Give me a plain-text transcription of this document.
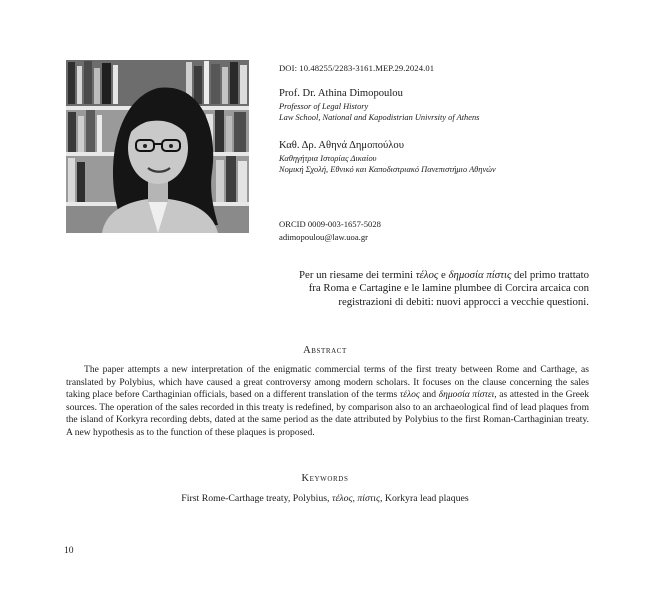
DOI: 10.48255/2283-3161.MEP.29.2024.01
Prof. Dr. Athina Dimopoulou
Professor of Legal History
Law School, National and Kapodistrian Univrsity of Athens
Καθ. Δρ. Αθηνά Δημοπούλου
Καθηγήτρια Ιστορίας Δικαίου
Νομική Σχολή, Εθνικό και Καποδιστριακό Πανεπιστήμιο Αθηνών
ORCID 0009-003-1657-5028
adimopoulou@law.uoa.gr
Per un riesame dei termini τέλος e δημοσία πίστις del primo trattato
fra Roma e Cartagine e le lamine plumbee di Corcira arcaica con
registrazioni di debiti: nuovi approcci a vecchie questioni.
Abstract
The paper attempts a new interpretation of the enigmatic commercial terms of the first treaty between Rome and Carthage, as translated by Polybius, which have caused a great controversy among modern scholars. It focuses on the clause concerning the sales taking place before Carthaginian officials, based on a different translation of the terms τέλος and δημοσία πίστει, as attested in the Greek sources. The operation of the sales recorded in this treaty is redefined, by comparison also to an archaeological find of lead plaques from the island of Korkyra recording debts, dated at the same period as the date attributed by Polybius to the first Roman-Carthaginian treaty. A new hypothesis as to the function of these plaques is proposed.
Keywords
First Rome-Carthage treaty, Polybius, τέλος, πίστις, Korkyra lead plaques
10
